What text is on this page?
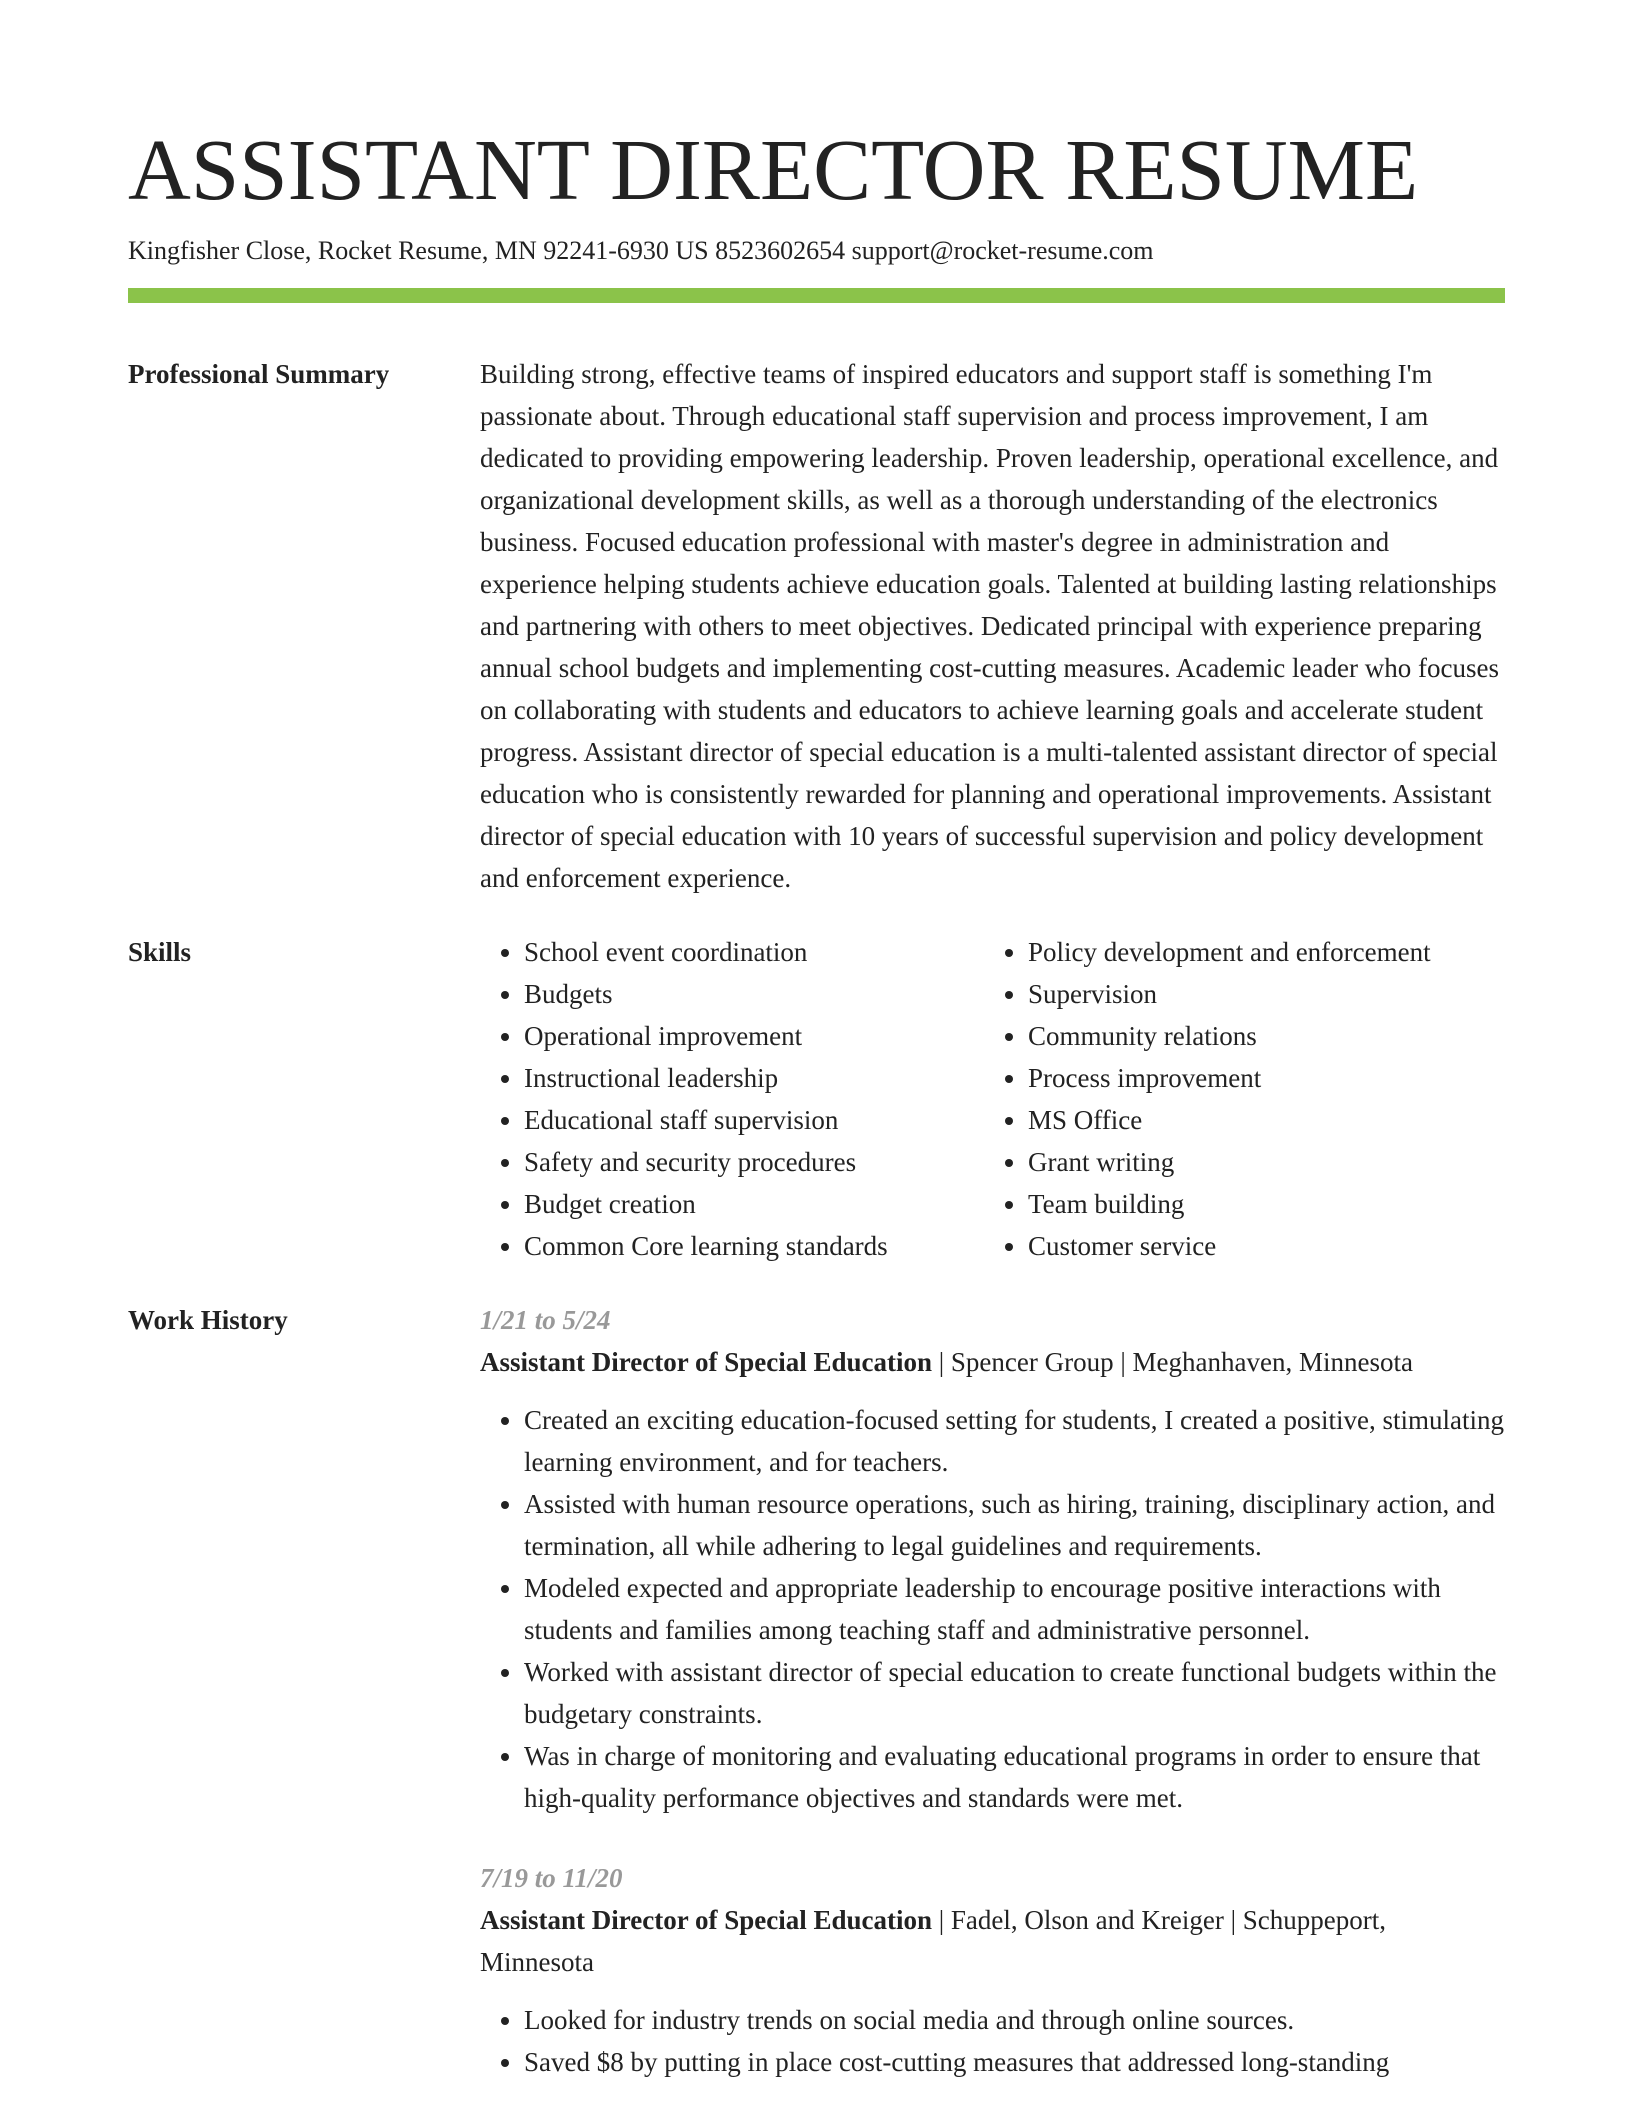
ASSISTANT DIRECTOR RESUME
Kingfisher Close, Rocket Resume, MN 92241-6930 US 8523602654 support@rocket-resume.com
Professional Summary	Building strong, effective teams of inspired educators and support staff is something I'm passionate about. Through educational staff supervision and process improvement, I am dedicated to providing empowering leadership. Proven leadership, operational excellence, and organizational development skills, as well as a thorough understanding of the electronics business. Focused education professional with master's degree in administration and experience helping students achieve education goals. Talented at building lasting relationships and partnering with others to meet objectives. Dedicated principal with experience preparing annual school budgets and implementing cost-cutting measures. Academic leader who focuses on collaborating with students and educators to achieve learning goals and accelerate student progress. Assistant director of special education is a multi-talented assistant director of special education who is consistently rewarded for planning and operational improvements. Assistant director of special education with 10 years of successful supervision and policy development and enforcement experience.

Skills
•	School event coordination
• Budgets
• Operational improvement
• Instructional leadership
• Educational staff supervision
• Safety and security procedures
• Budget creation
• Common Core learning standards
• Policy development and enforcement
• Supervision
• Community relations
• Process improvement
• MS Office
• Grant writing
• Team building
• Customer service
Work History	1/21 to 5/24
Assistant Director of Special Education | Spencer Group | Meghanhaven, Minnesota
• Created an exciting education-focused setting for students, I created a positive, stimulating learning environment, and for teachers.
• Assisted with human resource operations, such as hiring, training, disciplinary action, and termination, all while adhering to legal guidelines and requirements.
• Modeled expected and appropriate leadership to encourage positive interactions with students and families among teaching staff and administrative personnel.
• Worked with assistant director of special education to create functional budgets within the budgetary constraints.
• Was in charge of monitoring and evaluating educational programs in order to ensure that high-quality performance objectives and standards were met.
7/19 to 11/20
Assistant Director of Special Education | Fadel, Olson and Kreiger | Schuppeport, Minnesota
• Looked for industry trends on social media and through online sources.
• Saved $8 by putting in place cost-cutting measures that addressed long-standing
